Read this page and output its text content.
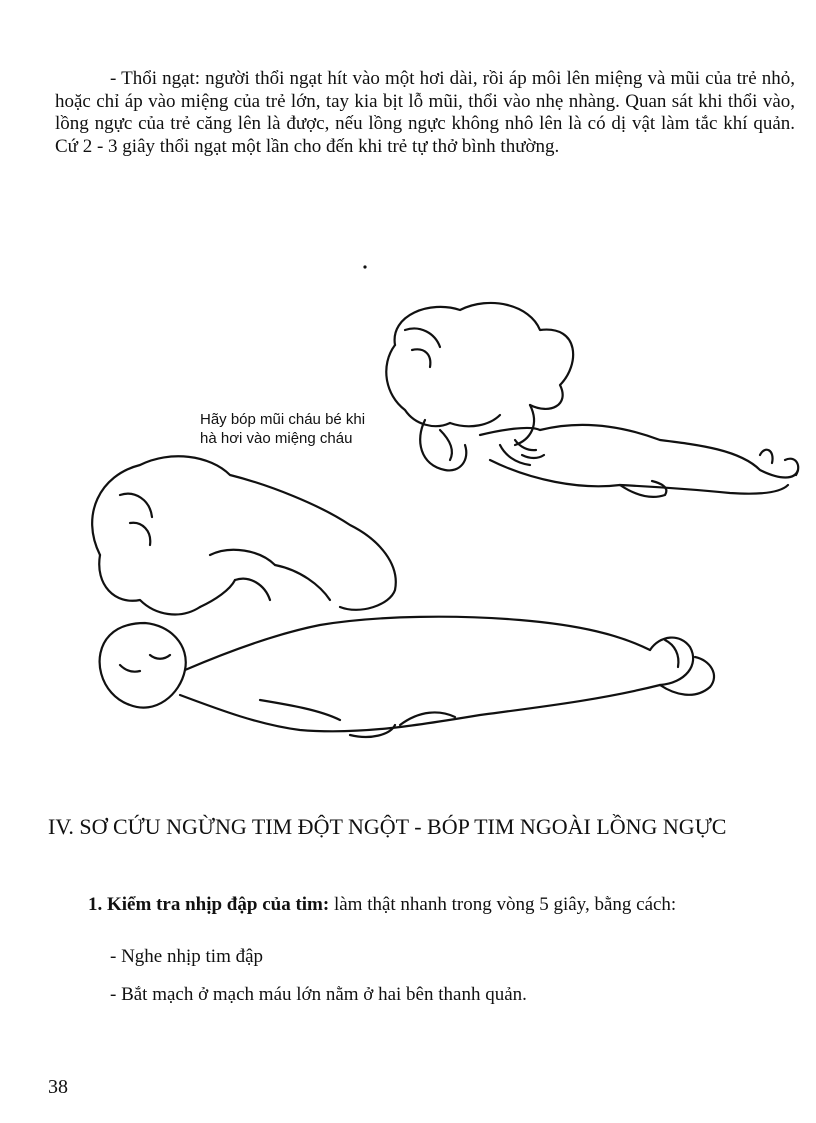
- Thổi ngạt: người thổi ngạt hít vào một hơi dài, rồi áp môi lên miệng và mũi của trẻ nhỏ, hoặc chỉ áp vào miệng của trẻ lớn, tay kia bịt lỗ mũi, thổi vào nhẹ nhàng. Quan sát khi thổi vào, lồng ngực của trẻ căng lên là được, nếu lồng ngực không nhô lên là có dị vật làm tắc khí quản. Cứ 2 - 3 giây thổi ngạt một lần cho đến khi trẻ tự thở bình thường.

Hãy bóp mũi cháu bé khi hà hơi vào miệng cháu

IV. SƠ CỨU NGỪNG TIM ĐỘT NGỘT - BÓP TIM NGOÀI LỒNG NGỰC

1. Kiểm tra nhịp đập của tim: làm thật nhanh trong vòng 5 giây, bằng cách:

- Nghe nhịp tim đập

- Bắt mạch ở mạch máu lớn nằm ở hai bên thanh quản.

38
